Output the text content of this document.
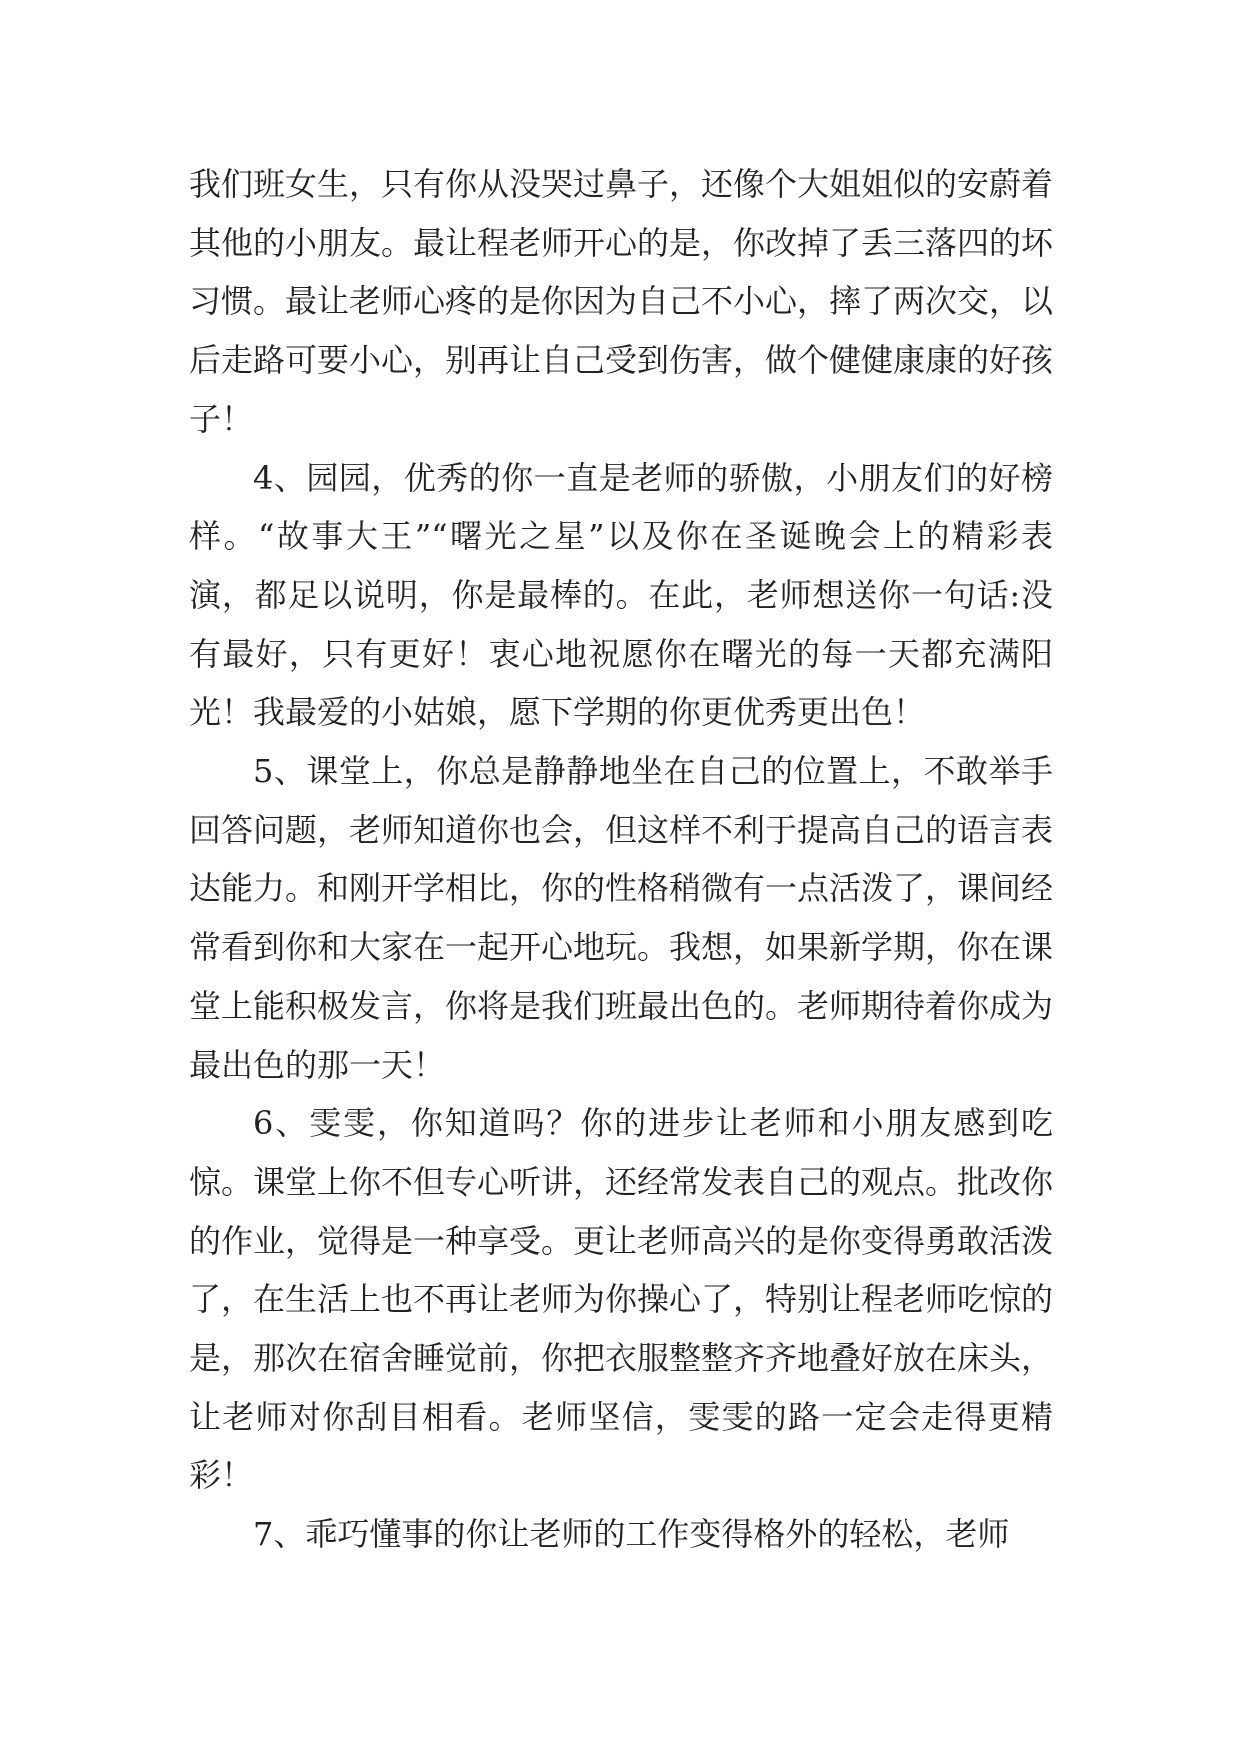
我们班女生，只有你从没哭过鼻子，还像个大姐姐似的安蔚着其他的小朋友。最让程老师开心的是，你改掉了丢三落四的坏习惯。最让老师心疼的是你因为自己不小心，摔了两次交，以后走路可要小心，别再让自己受到伤害，做个健健康康的好孩子！

4、园园，优秀的你一直是老师的骄傲，小朋友们的好榜样。“故事大王”“曙光之星”以及你在圣诞晚会上的精彩表演，都足以说明，你是最棒的。在此，老师想送你一句话:没有最好，只有更好！衷心地祝愿你在曙光的每一天都充满阳光！我最爱的小姑娘，愿下学期的你更优秀更出色！

5、课堂上，你总是静静地坐在自己的位置上，不敢举手回答问题，老师知道你也会，但这样不利于提高自己的语言表达能力。和刚开学相比，你的性格稍微有一点活泼了，课间经常看到你和大家在一起开心地玩。我想，如果新学期，你在课堂上能积极发言，你将是我们班最出色的。老师期待着你成为最出色的那一天！

6、雯雯，你知道吗？你的进步让老师和小朋友感到吃惊。课堂上你不但专心听讲，还经常发表自己的观点。批改你的作业，觉得是一种享受。更让老师高兴的是你变得勇敢活泼了，在生活上也不再让老师为你操心了，特别让程老师吃惊的是，那次在宿舍睡觉前，你把衣服整整齐齐地叠好放在床头，让老师对你刮目相看。老师坚信，雯雯的路一定会走得更精彩！

7、乖巧懂事的你让老师的工作变得格外的轻松，老师
